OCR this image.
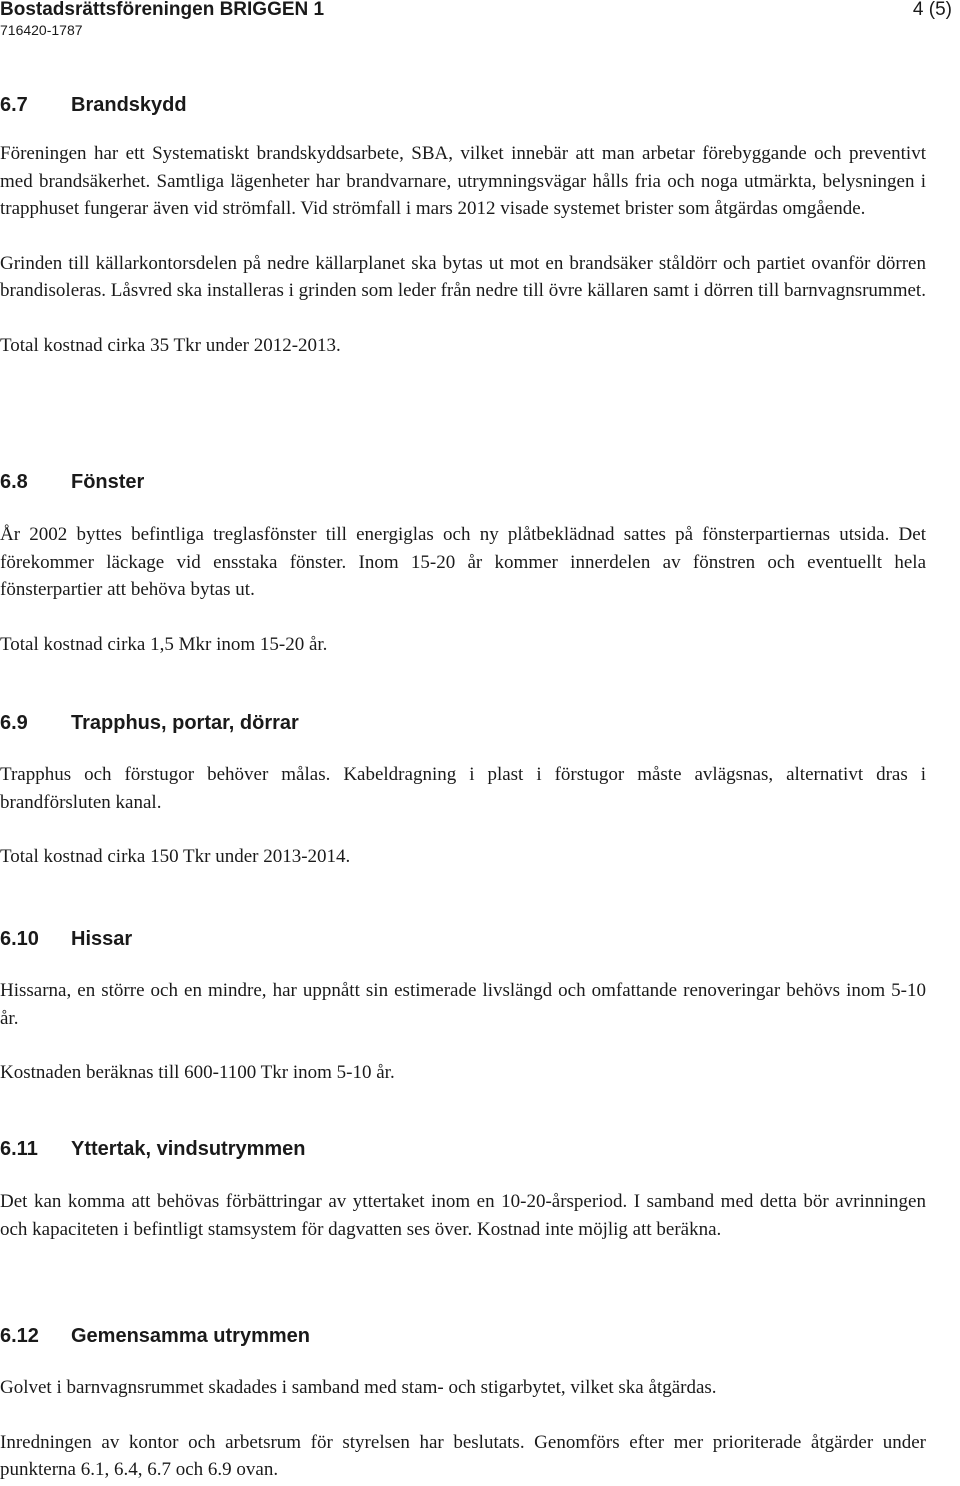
Bostadsrättsföreningen BRIGGEN 1
716420-1787
4 (5)
6.7 Brandskydd

Föreningen har ett Systematiskt brandskyddsarbete, SBA, vilket innebär att man arbetar förebyggande och preventivt med brandsäkerhet. Samtliga lägenheter har brandvarnare, utrymningsvägar hålls fria och noga utmärkta, belysningen i trapphuset fungerar även vid strömfall. Vid strömfall i mars 2012 visade systemet brister som åtgärdas omgående.

Grinden till källarkontorsdelen på nedre källarplanet ska bytas ut mot en brandsäker ståldörr och partiet ovanför dörren brandisoleras. Låsvred ska installeras i grinden som leder från nedre till övre källaren samt i dörren till barnvagnsrummet.

Total kostnad cirka 35 Tkr under 2012-2013.

6.8 Fönster

År 2002 byttes befintliga treglasfönster till energiglas och ny plåtbeklädnad sattes på fönsterpartiernas utsida. Det förekommer läckage vid ensstaka fönster. Inom 15-20 år kommer innerdelen av fönstren och eventuellt hela fönsterpartier att behöva bytas ut.

Total kostnad cirka 1,5 Mkr inom 15-20 år.

6.9 Trapphus, portar, dörrar

Trapphus och förstugor behöver målas. Kabeldragning i plast i förstugor måste avlägsnas, alternativt dras i brandförsluten kanal.

Total kostnad cirka 150 Tkr under 2013-2014.

6.10 Hissar

Hissarna, en större och en mindre, har uppnått sin estimerade livslängd och omfattande renoveringar behövs inom 5-10 år.

Kostnaden beräknas till 600-1100 Tkr inom 5-10 år.

6.11 Yttertak, vindsutrymmen

Det kan komma att behövas förbättringar av yttertaket inom en 10-20-årsperiod. I samband med detta bör avrinningen och kapaciteten i befintligt stamsystem för dagvatten ses över. Kostnad inte möjlig att beräkna.

6.12 Gemensamma utrymmen

Golvet i barnvagnsrummet skadades i samband med stam- och stigarbytet, vilket ska åtgärdas.

Inredningen av kontor och arbetsrum för styrelsen har beslutats. Genomförs efter mer prioriterade åtgärder under punkterna 6.1, 6.4, 6.7 och 6.9 ovan.
